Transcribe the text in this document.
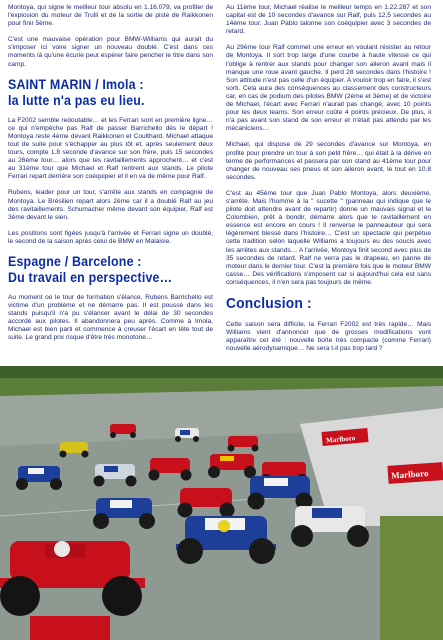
Montoya, qui signe le meilleur tour absolu en 1.16.079, va profiter de l'explosion du moteur de Trulli et de la sortie de piste de Raikkonen pour finir 5ème.

C'est une mauvaise opération pour BMW-Williams qui aurait du s'imposer ici voire signer un nouveau doublé. C'est dans ces moments là qu'une écurie peut espérer faire pencher le titre dans son camp.

SAINT MARIN / Imola :
la lutte n'a pas eu lieu.

La F2002 semble redoutable… et les Ferrari sont en première ligne… ce qui n'empêche pas Ralf de passer Barrichello dès le départ ! Montoya reste 4ème devant Raikkonen et Coulthard. Michael attaque tout de suite pour s'échapper au plus tôt et, après seulement deux tours, compte 1.8 seconde d'avance sur son frère, puis 15 secondes au 26ème tour… alors que les ravitaillements approchent… et c'est au 31ème tour que Michael et Ralf rentrent aux stands. Le pilote Ferrari repart derrière son coéquipier et il en va de même pour Ralf.

Rubens, leader pour un tour, s'arrête aux stands en compagnie de Montoya. Le Brésilien repart alors 2ème car il a doublé Ralf au jeu des ravitaillements. Schumacher même devant son équipier, Ralf est 3ème devant le sien.

Les positions sont figées jusqu'à l'arrivée et Ferrari signe un doublé, le second de la saison après celui de BMW en Malaisie.

Espagne / Barcelone :
Du travail en perspective…

Au moment où le tour de formation s'élance, Rubens Barrichello est victime d'un problème et ne démarre pas. Il est poussé dans les stands puisqu'il n'a pu s'élancer avant le délai de 30 secondes accordé aux pilotes. Il abandonnera peu après. Comme à Imola, Michael est bien parti et commence à creuser l'écart en tête tout de suite. Le grand prix risque d'être très monotone…

Au 11ème tour, Michael réalise le meilleur temps en 1.22.287 et son capital est de 10 secondes d'avance sur Ralf, puis 12,5 secondes au 14ème tour. Juan Pablo talonne son coéquipier avec 3 secondes de retard.

Au 29ème tour Ralf commet une erreur en voulant résister au retour de Montoya. Il sort trop large d'une courbe à haute vitesse ce qui l'oblige à rentrer aux stands pour changer son aileron avant mais il manque une roue avant gauche. Il perd 28 secondes dans l'histoire ! Son attitude n'est pas celle d'un équipier. A vouloir trop en faire, il s'est sorti. Cela aura des conséquences au classement des constructeurs car, en cas de podium des pilotes BMW (2ème et 3ème) et de victoire de Michael, l'écart avec Ferrari n'aurait pas changé, avec 10 points pour les deux teams. Son erreur coûte 4 points précieux. De plus, il n'a pas avant son stand de son erreur et n'était pas attendu par les mécaniciens…

Michael, qui dispose de 29 secondes d'avance sur Montoya, en profite pour prendre un tour à son petit frère… qui était à la dérive en terme de performances et passera par son stand au 41ème tour pour changer de nouveau ses pneus et son aileron avant, le tout en 10.8 secondes.

C'est au 45ème tour que Juan Pablo Montoya, alors deuxième, s'arrête. Mais l'homme à la " sucette " (panneau qui indique que le pilote doit attendre avant de repartir) donne un mauvais signal et le Colombien, prêt à bondir, démarre alors que le ravitaillement en essence est encore en cours ! Il renverse le panneauteur qui sera légèrement blessé dans l'histoire… C'est un spectacle qui perpétue cette tradition selon laquelle Williams a toujours eu des soucis avec les arrêtes aux stands… A l'arrivée, Montoya finit second avec plus de 35 secondes de retard. Ralf ne verra pas le drapeau, en panne de moteur dans le dernier tour. C'est la première fois que le moteur BMW casse… Des vérifications s'imposent car si aujourd'hui cela est sans conséquences, il n'en sera pas toujours de même.

Conclusion :

Cette saison sera difficile, la Ferrari F2002 est très rapide… Mais Williams vient d'annoncer que de grosses modifications vont apparaître cet été : nouvelle boîte très compacte (comme Ferrari) nouvelle aérodynamique… Ne sera t-il pas trop tard ?

Marlboro
Marlboro
